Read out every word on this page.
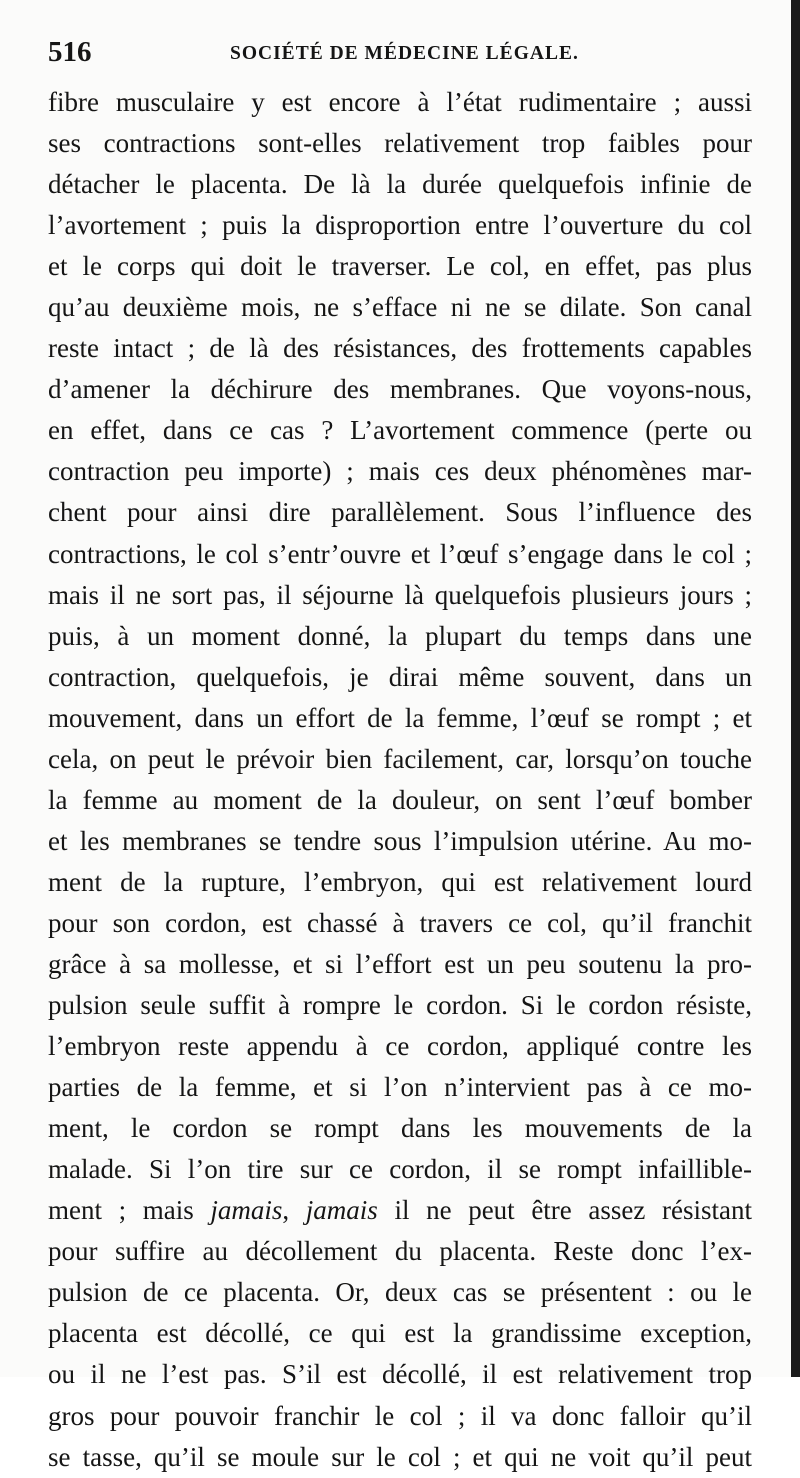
516	SOCIÉTÉ DE MÉDECINE LÉGALE.
fibre musculaire y est encore à l’état rudimentaire ; aussi
ses contractions sont-elles relativement trop faibles pour
détacher le placenta. De là la durée quelquefois infinie de
l’avortement ; puis la disproportion entre l’ouverture du col
et le corps qui doit le traverser. Le col, en effet, pas plus
qu’au deuxième mois, ne s’efface ni ne se dilate. Son canal
reste intact ; de là des résistances, des frottements capables
d’amener la déchirure des membranes. Que voyons-nous,
en effet, dans ce cas ? L’avortement commence (perte ou
contraction peu importe) ; mais ces deux phénomènes mar-
chent pour ainsi dire parallèlement. Sous l’influence des
contractions, le col s’entr’ouvre et l’œuf s’engage dans le col ;
mais il ne sort pas, il séjourne là quelquefois plusieurs jours ;
puis, à un moment donné, la plupart du temps dans une
contraction, quelquefois, je dirai même souvent, dans un
mouvement, dans un effort de la femme, l’œuf se rompt ; et
cela, on peut le prévoir bien facilement, car, lorsqu’on touche
la femme au moment de la douleur, on sent l’œuf bomber
et les membranes se tendre sous l’impulsion utérine. Au mo-
ment de la rupture, l’embryon, qui est relativement lourd
pour son cordon, est chassé à travers ce col, qu’il franchit
grâce à sa mollesse, et si l’effort est un peu soutenu la pro-
pulsion seule suffit à rompre le cordon. Si le cordon résiste,
l’embryon reste appendu à ce cordon, appliqué contre les
parties de la femme, et si l’on n’intervient pas à ce mo-
ment, le cordon se rompt dans les mouvements de la
malade. Si l’on tire sur ce cordon, il se rompt infaillible-
ment ; mais jamais, jamais il ne peut être assez résistant
pour suffire au décollement du placenta. Reste donc l’ex-
pulsion de ce placenta. Or, deux cas se présentent : ou le
placenta est décollé, ce qui est la grandissime exception,
ou il ne l’est pas. S’il est décollé, il est relativement trop
gros pour pouvoir franchir le col ; il va donc falloir qu’il
se tasse, qu’il se moule sur le col ; et qui ne voit qu’il peut
